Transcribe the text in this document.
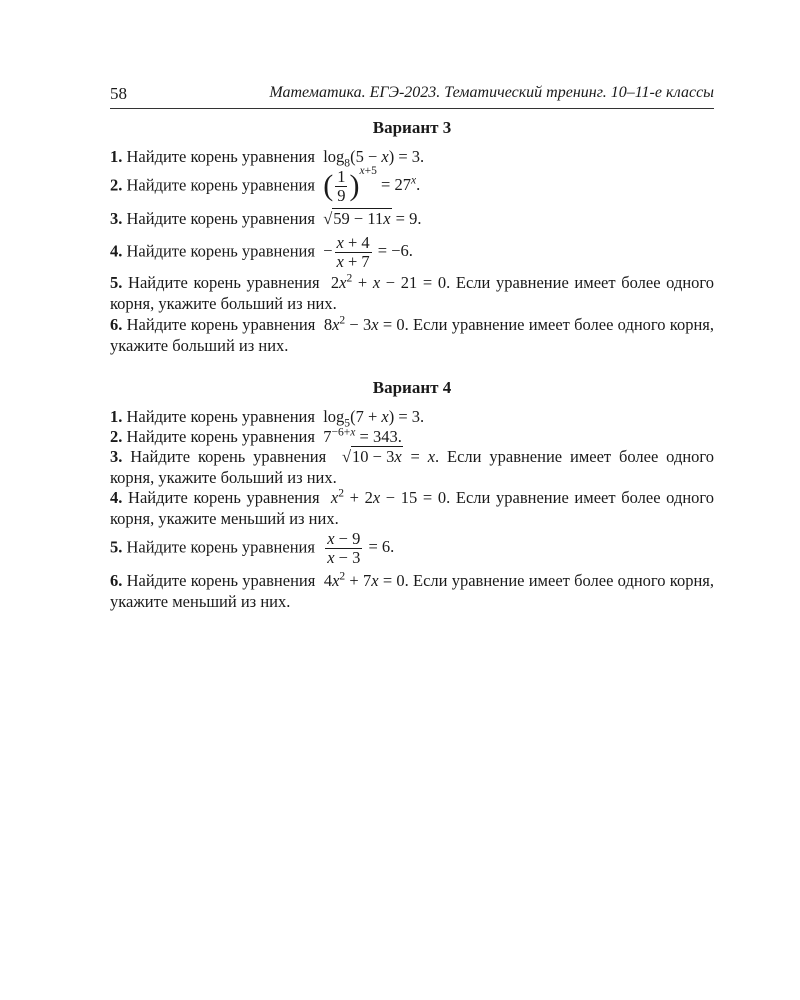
58	Математика. ЕГЭ-2023. Тематический тренинг. 10–11-е классы
Вариант 3
1. Найдите корень уравнения  $\log_8(5 - x) = 3$.
2. Найдите корень уравнения ( $\frac{1}{9} )^{x+5} = 27^x$.
3. Найдите корень уравнения √59 − 11x = 9.
4. Найдите корень уравнения  − $\frac{x + 4}{x + 7} = -6$.
5. Найдите корень уравнения  $2x^2 + x - 21 = 0$. Если уравнение имеет более одного корня, укажите больший из них.
6. Найдите корень уравнения  $8x^2 - 3x = 0$. Если уравнение имеет более одного корня, укажите больший из них.
Вариант 4
1. Найдите корень уравнения  $\log_5(7 + x) = 3$.
2. Найдите корень уравнения  $7^{-6+x} = 343$.
3. Найдите корень уравнения √10 − 3x = x. Если уравнение имеет более одного корня, укажите больший из них.
4. Найдите корень уравнения $x^2 + 2x - 15 = 0$. Если уравнение имеет более одного корня, укажите меньший из них.
5. Найдите корень уравнения $\frac{x - 9}{x - 3} = 6$.
6. Найдите корень уравнения  $4x^2 + 7x = 0$. Если уравнение имеет более одного корня, укажите меньший из них.
